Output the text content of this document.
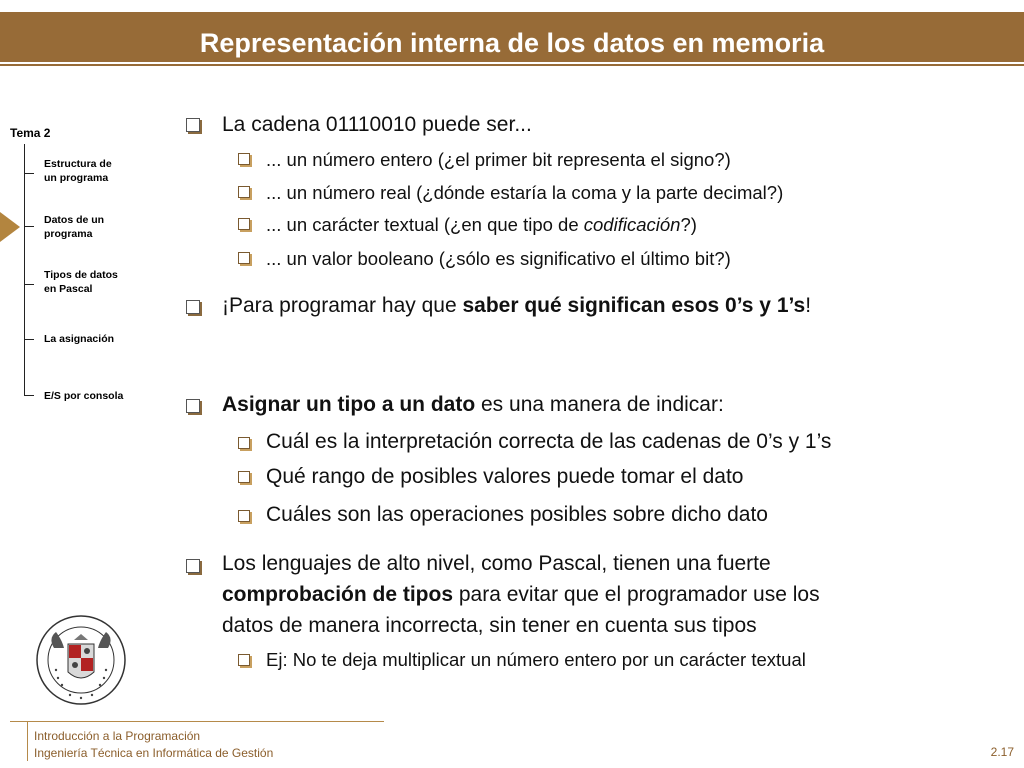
Representación interna de los datos en memoria
Tema 2
Estructura de
un programa
Datos de un
programa
Tipos de datos
en Pascal
La asignación
E/S por consola
La cadena 01110010 puede ser...
... un número entero (¿el primer bit representa el signo?)
... un número real (¿dónde estaría la coma y la parte decimal?)
... un carácter textual (¿en que tipo de codificación?)
... un valor booleano (¿sólo es significativo el último bit?)
¡Para programar hay que saber qué significan esos 0’s y 1’s!
Asignar un tipo a un dato es una manera de indicar:
Cuál es la interpretación correcta de las cadenas de 0’s y 1’s
Qué rango de posibles valores puede tomar el dato
Cuáles son las operaciones posibles sobre dicho dato
Los lenguajes de alto nivel, como Pascal, tienen una fuerte
comprobación de tipos para evitar que el programador use los
datos de manera incorrecta, sin tener en cuenta sus tipos
Ej: No te deja multiplicar un número entero por un carácter textual
Introducción a la Programación
Ingeniería Técnica en Informática de Gestión	2.17
